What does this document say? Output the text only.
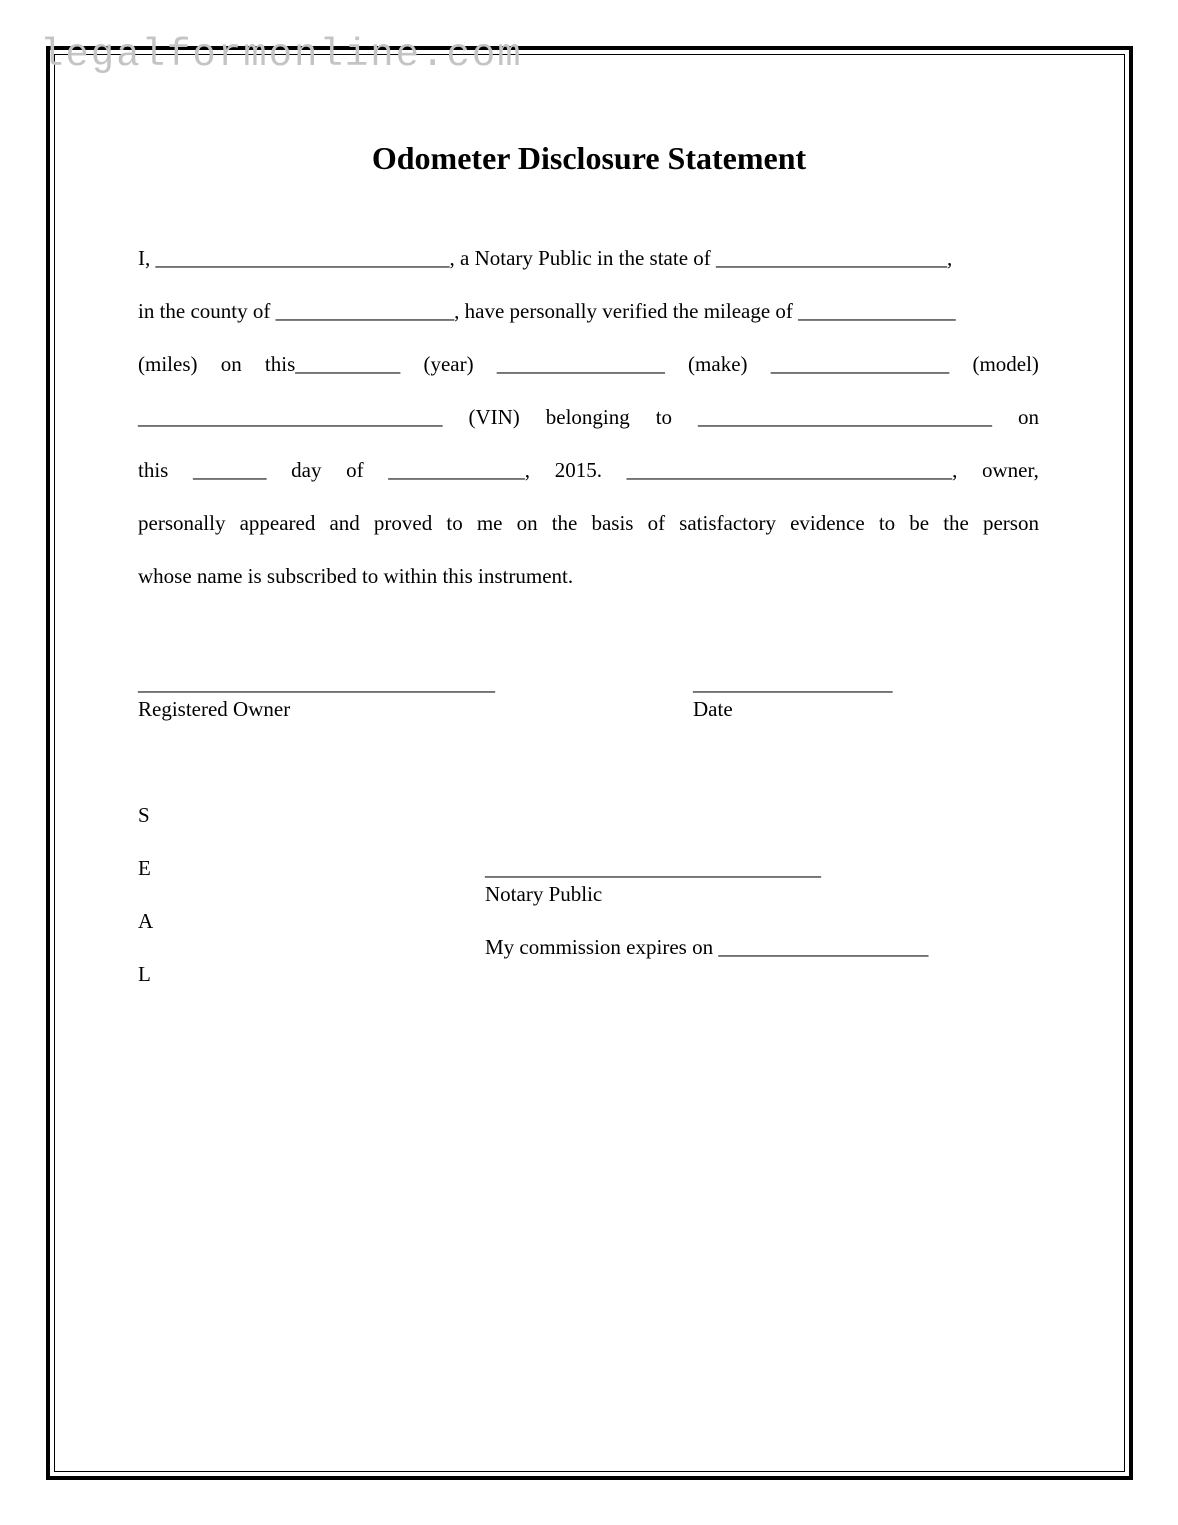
legalformonline.com
Odometer Disclosure Statement
I, ____________________________, a Notary Public in the state of ______________________,
in the county of _________________, have personally verified the mileage of _______________
(miles) on this__________ (year) ________________ (make) _________________ (model)
_____________________________ (VIN) belonging to ____________________________ on
this _______ day of _____________, 2015. _______________________________, owner,
personally appeared and proved to me on the basis of satisfactory evidence to be the person
whose name is subscribed to within this instrument.
__________________________________
Registered Owner
___________________
Date
S
E
A
L
________________________________
Notary Public
My commission expires on ____________________
